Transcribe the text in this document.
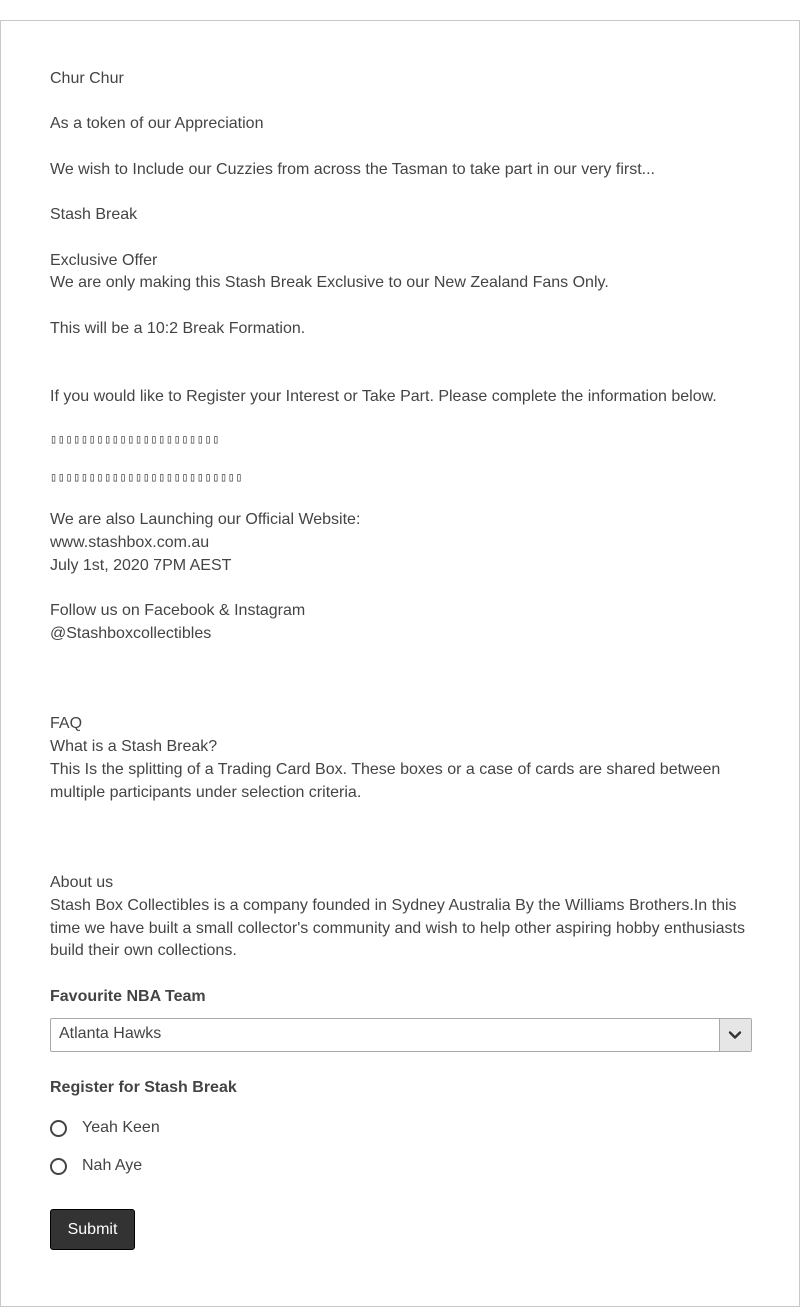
Chur Chur

As a token of our Appreciation

We wish to Include our Cuzzies from across the Tasman to take part in our very first...

Stash Break

Exclusive Offer

We are only making this Stash Break Exclusive to our New Zealand Fans Only.

This will be a 10:2 Break Formation.

If you would like to Register your Interest or Take Part. Please complete the information below.

▯▯▯▯▯▯▯▯▯▯▯▯▯▯▯▯▯▯▯▯▯▯

▯▯▯▯▯▯▯▯▯▯▯▯▯▯▯▯▯▯▯▯▯▯▯▯▯

We are also Launching our Official Website:

www.stashbox.com.au

July 1st, 2020 7PM AEST

Follow us on Facebook & Instagram

@Stashboxcollectibles

FAQ

What is a Stash Break?

This Is the splitting of a Trading Card Box. These boxes or a case of cards are shared between multiple participants under selection criteria.

About us

Stash Box Collectibles is a company founded in Sydney Australia By the Williams Brothers.In this time we have built a small collector's community and wish to help other aspiring hobby enthusiasts build their own collections.

Favourite NBA Team
Atlanta Hawks
Register for Stash Break
Yeah Keen
Nah Aye
Submit
